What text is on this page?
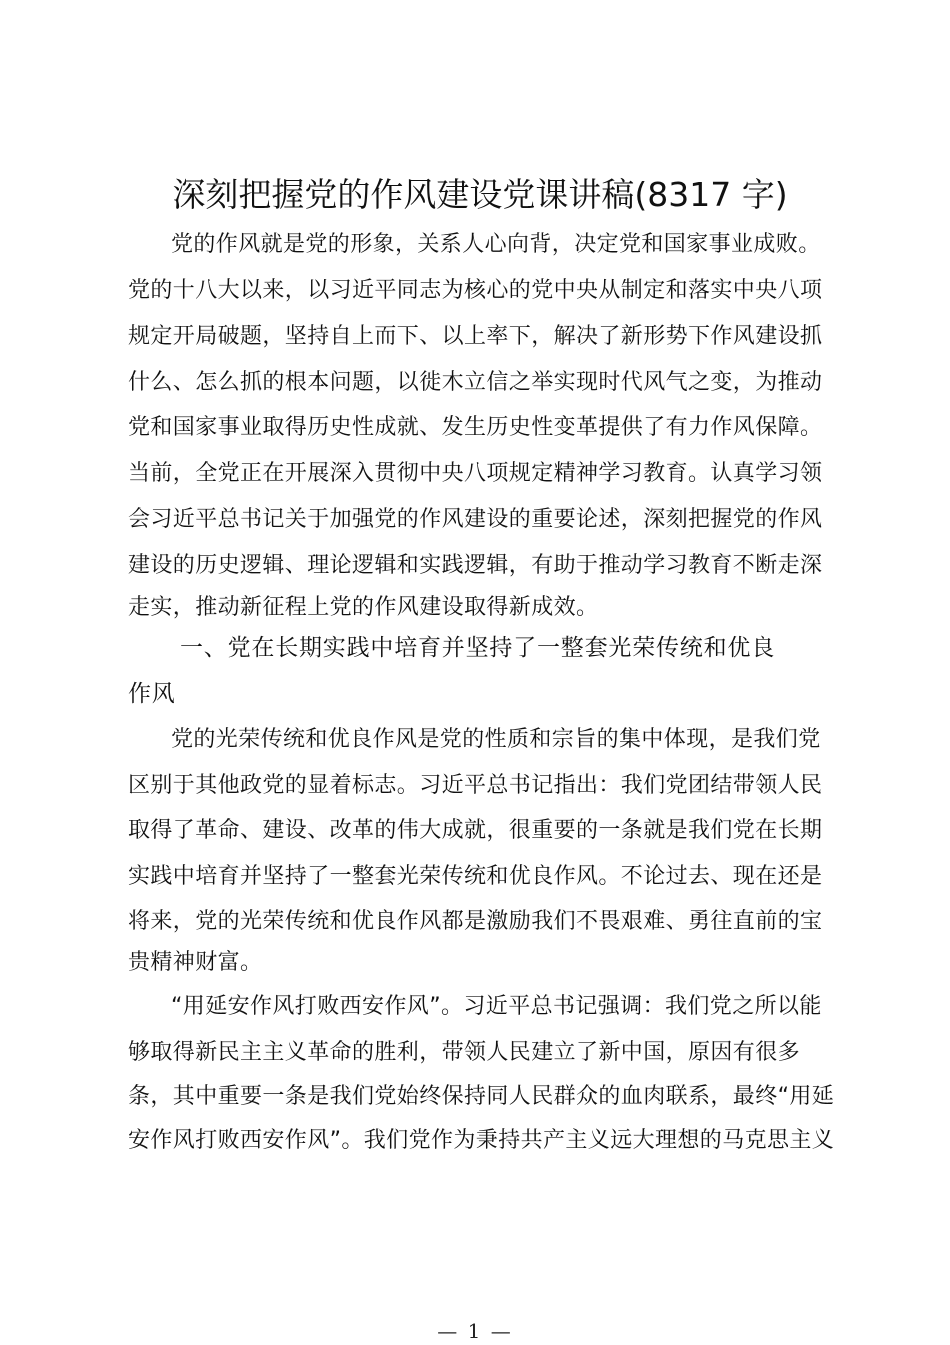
深刻把握党的作风建设党课讲稿(8317 字)
党的作风就是党的形象，关系人心向背，决定党和国家事业成败。
党的十八大以来，以习近平同志为核心的党中央从制定和落实中央八项
规定开局破题，坚持自上而下、以上率下，解决了新形势下作风建设抓
什么、怎么抓的根本问题，以徙木立信之举实现时代风气之变，为推动
党和国家事业取得历史性成就、发生历史性变革提供了有力作风保障。
当前，全党正在开展深入贯彻中央八项规定精神学习教育。认真学习领
会习近平总书记关于加强党的作风建设的重要论述，深刻把握党的作风
建设的历史逻辑、理论逻辑和实践逻辑，有助于推动学习教育不断走深
走实，推动新征程上党的作风建设取得新成效。
一、党在长期实践中培育并坚持了一整套光荣传统和优良
作风
党的光荣传统和优良作风是党的性质和宗旨的集中体现，是我们党
区别于其他政党的显着标志。习近平总书记指出：我们党团结带领人民
取得了革命、建设、改革的伟大成就，很重要的一条就是我们党在长期
实践中培育并坚持了一整套光荣传统和优良作风。不论过去、现在还是
将来，党的光荣传统和优良作风都是激励我们不畏艰难、勇往直前的宝
贵精神财富。
“用延安作风打败西安作风”。习近平总书记强调：我们党之所以能
够取得新民主主义革命的胜利，带领人民建立了新中国，原因有很多
条，其中重要一条是我们党始终保持同人民群众的血肉联系，最终“用延
安作风打败西安作风”。我们党作为秉持共产主义远大理想的马克思主义
— 1 —
